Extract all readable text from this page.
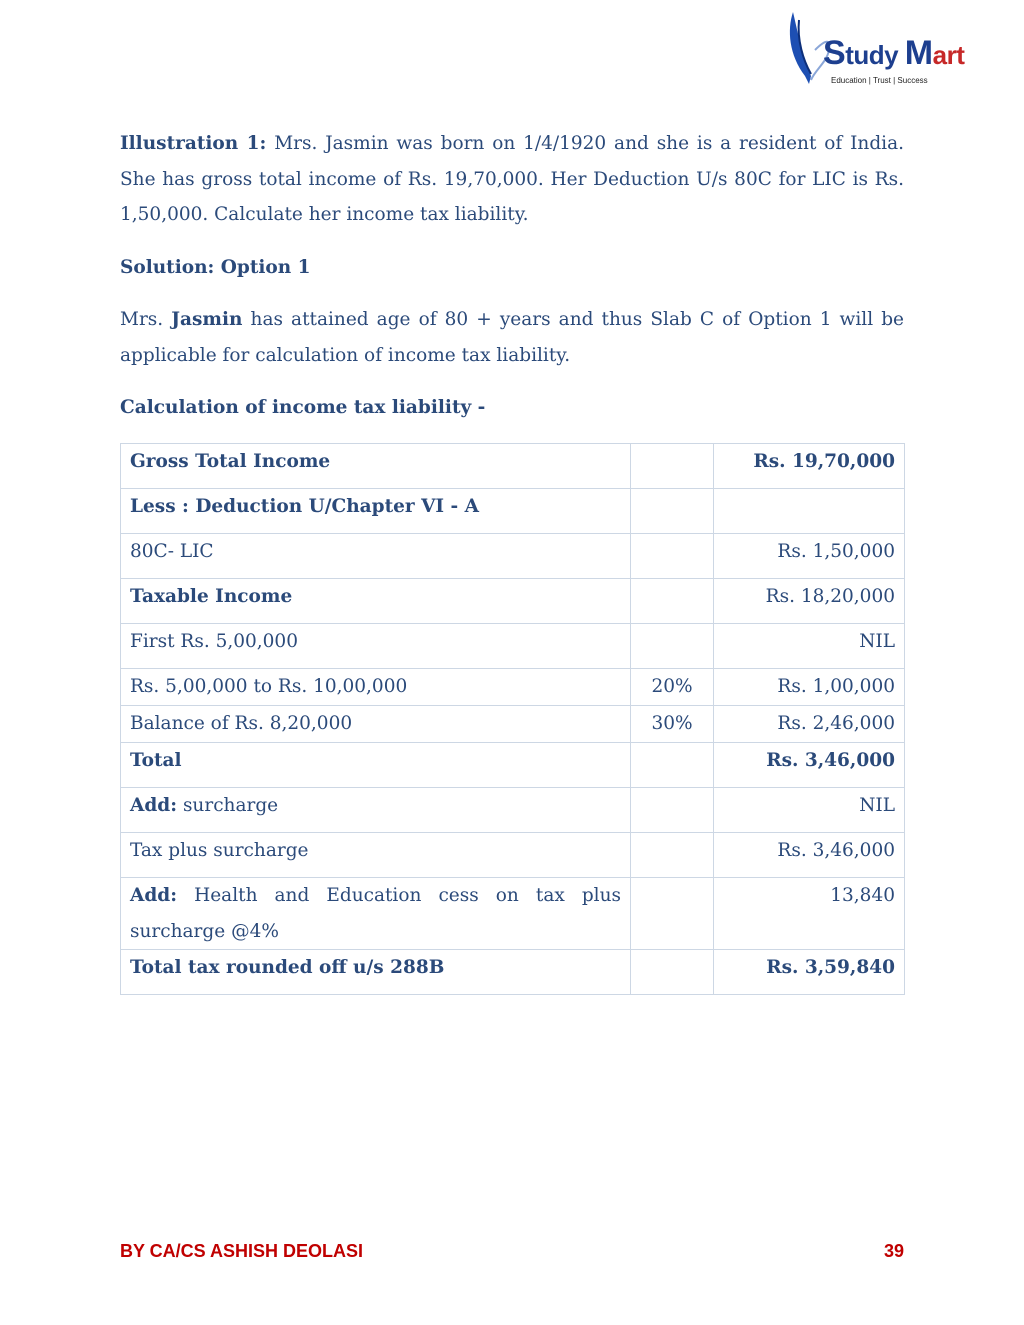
Study Mart
Education | Trust | Success

Illustration 1: Mrs. Jasmin was born on 1/4/1920 and she is a resident of India. She has gross total income of Rs. 19,70,000. Her Deduction U/s 80C for LIC is Rs. 1,50,000. Calculate her income tax liability.

Solution: Option 1

Mrs. Jasmin has attained age of 80 + years and thus Slab C of Option 1 will be applicable for calculation of income tax liability.

Calculation of income tax liability -

Gross Total Income		Rs. 19,70,000
Less : Deduction U/Chapter VI - A		
80C- LIC		Rs. 1,50,000
Taxable Income		Rs. 18,20,000
First Rs. 5,00,000		NIL
Rs. 5,00,000 to Rs. 10,00,000	20%	Rs. 1,00,000
Balance of Rs. 8,20,000	30%	Rs. 2,46,000
Total		Rs. 3,46,000
Add: surcharge		NIL
Tax plus surcharge		Rs. 3,46,000
Add: Health and Education cess on tax plus surcharge @4%		13,840
Total tax rounded off u/s 288B		Rs. 3,59,840
BY CA/CS ASHISH DEOLASI	39
